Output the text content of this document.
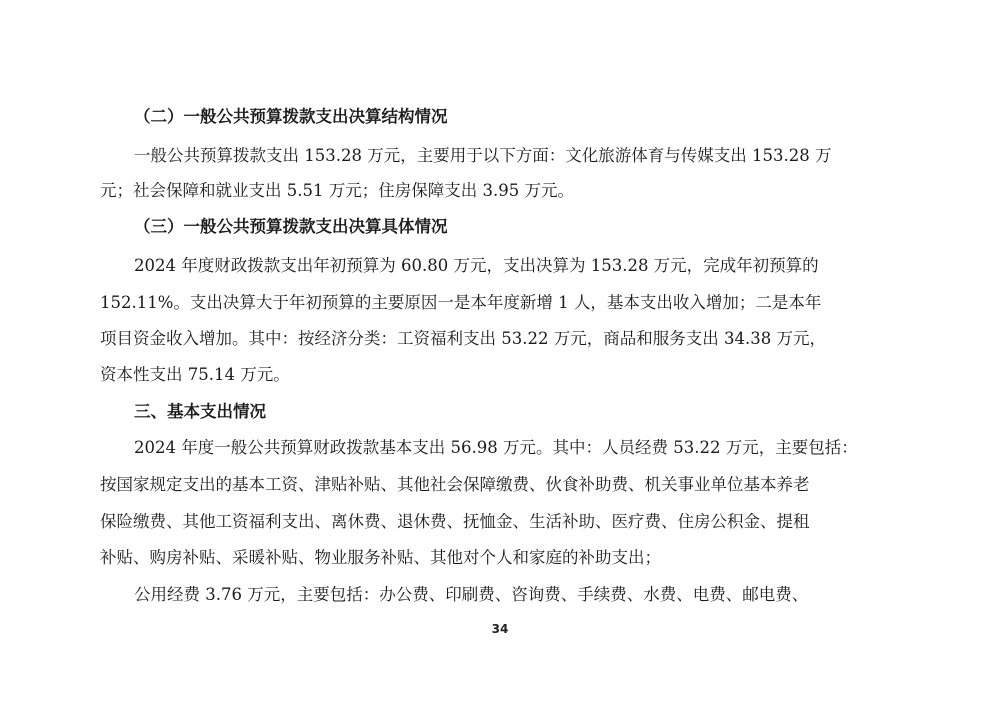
（二）一般公共预算拨款支出决算结构情况
一般公共预算拨款支出 153.28 万元，主要用于以下方面：文化旅游体育与传媒支出 153.28 万
元；社会保障和就业支出 5.51 万元；住房保障支出 3.95 万元。
（三）一般公共预算拨款支出决算具体情况
2024 年度财政拨款支出年初预算为 60.80 万元，支出决算为 153.28 万元，完成年初预算的
152.11%。支出决算大于年初预算的主要原因一是本年度新增 1 人，基本支出收入增加；二是本年
项目资金收入增加。其中：按经济分类：工资福利支出 53.22 万元，商品和服务支出 34.38 万元，
资本性支出 75.14 万元。
三、基本支出情况
2024 年度一般公共预算财政拨款基本支出 56.98 万元。其中：人员经费 53.22 万元，主要包括：
按国家规定支出的基本工资、津贴补贴、其他社会保障缴费、伙食补助费、机关事业单位基本养老
保险缴费、其他工资福利支出、离休费、退休费、抚恤金、生活补助、医疗费、住房公积金、提租
补贴、购房补贴、采暖补贴、物业服务补贴、其他对个人和家庭的补助支出；
公用经费 3.76 万元，主要包括：办公费、印刷费、咨询费、手续费、水费、电费、邮电费、
34
